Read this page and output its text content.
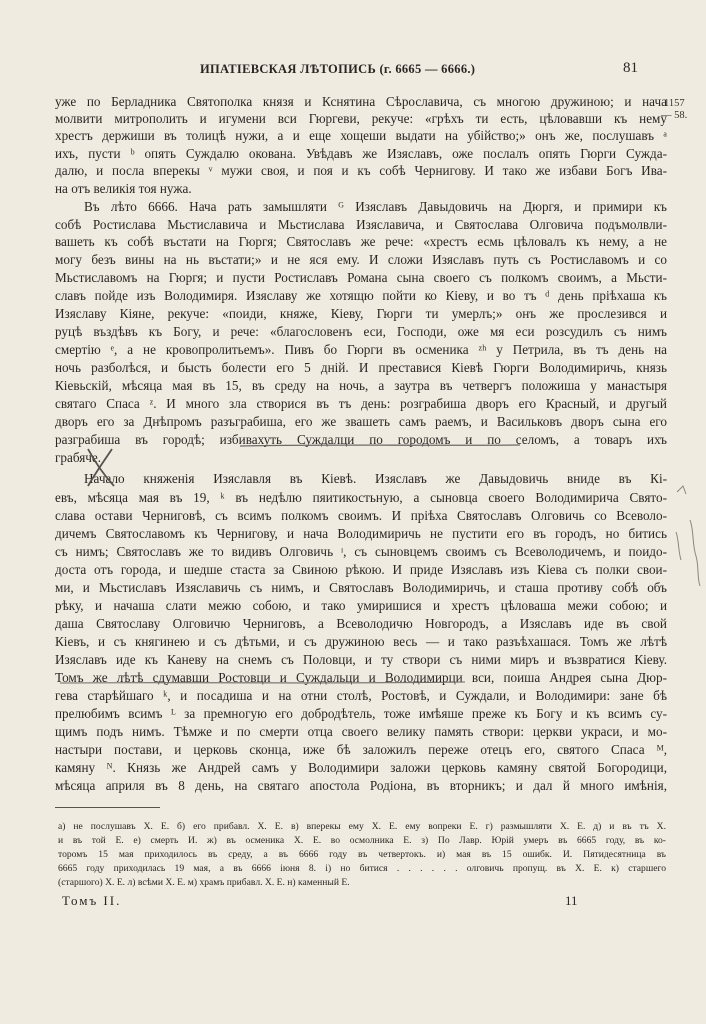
ИПАТІЕВСКАЯ ЛѢТОПИСЬ (г. 6665 — 6666.)	81
1157
— 58.
уже по Берладника Святополка князя и Кснятина Сѣрославича, съ многою дружиною; и нача
молвити митрополить и игумени вси Гюргеви, рекуче: «грѣхъ ти есть, цѣловавши къ нему
хрестъ держиши въ толицѣ нужи, а и еще хощеши выдати на убійство;» онъ же, послушавъ ᵃ
ихъ, пусти ᵇ опять Суждалю окована. Увѣдавъ же Изяславъ, оже послалъ опять Гюрги Сужда-
далю, и посла вперекы ᵛ мужи своя, и поя и къ собѣ Чернигову. И тако же избави Богъ Ива-
на отъ великія тоя нужа.
Въ лѣто 6666. Нача рать замышляти ᴳ Изяславъ Давыдовичь на Дюргя, и примири къ
собѣ Ростислава Мьстиславича и Мьстислава Изяславича, и Святослава Олговича подъмолвли-
вашеть къ собѣ въстати на Гюргя; Святославъ же рече: «хрестъ есмь цѣловалъ къ нему, а не
могу безъ вины на нь въстати;» и не яся ему. И сложи Изяславъ путь съ Ростиславомъ и со
Мьстиславомъ на Гюргя; и пусти Ростиславъ Романа сына своего съ полкомъ своимъ, а Мьсти-
славъ пойде изъ Володимиря. Изяславу же хотящю пойти ко Кіеву, и во тъ ᵈ день пріѣхаша къ
Изяславу Кіяне, рекуче: «поиди, княже, Кіеву, Гюрги ти умерлъ;» онъ же прослезився и
руцѣ въздѣвъ къ Богу, и рече: «благословенъ еси, Господи, оже мя еси розсудилъ съ нимъ
смертію ᵉ, а не кровопролитьемъ». Пивъ бо Гюрги въ осменика ᶻʰ у Петрила, въ тъ день на
ночь разболѣся, и бысть болести его 5 дній. И преставися Кіевѣ Гюрги Володимиричь, князь
Кіевьскій, мѣсяца мая въ 15, въ среду на ночь, а заутра въ четвергъ положиша у манастыря
святаго Спаса ᶻ. И много зла створися въ тъ день: розграбиша дворъ его Красный, и другый
дворъ его за Днѣпромъ разъграбиша, его же звашеть самъ раемъ, и Васильковъ дворъ сына его
разграбиша въ городѣ; избивахуть Суждалци по городомъ и по селомъ, а товаръ ихъ
грабяче.
Начало княженія Изяславля въ Кіевѣ. Изяславъ же Давыдовичь вниде въ Кі-
евъ, мѣсяца мая въ 19, ᵏ въ недѣлю пяитикостьную, а сыновца своего Володимирича Свято-
слава остави Черниговѣ, съ всимъ полкомъ своимъ. И пріѣха Святославъ Олговичь со Всеволо-
дичемъ Святославомъ къ Чернигову, и нача Володимиричь не пустити его въ городъ, но битись
съ нимъ; Святославъ же то видивъ Олговичь ᶦ, съ сыновцемъ своимъ съ Всеволодичемъ, и поидо-
доста отъ города, и шедше стаста за Свиною рѣкою. И приде Изяславъ изъ Кіева съ полки свои-
ми, и Мьстиславъ Изяславичь съ нимъ, и Святославъ Володимиричь, и сташа противу собѣ объ
рѣку, и начаша слати межю собою, и тако умиришися и хрестъ цѣловаша межи собою; и
даша Святославу Олговичю Черниговъ, а Всеволодичю Новгородъ, а Изяславъ иде въ свой
Кіевъ, и съ княгинею и съ дѣтьми, и съ дружиною весь — и тако разъѣхашася. Томъ же лѣтѣ
Изяславъ иде къ Каневу на снемъ съ Половци, и ту створи съ ними миръ и възвратися Кіеву.
Томъ же лѣтѣ сдумавши Ростовци и Суждальци и Володимирци вси, поиша Андрея сына Дюр-
гева старѣйшаго ᵏ, и посадиша и на отни столѣ, Ростовѣ, и Суждали, и Володимири: зане бѣ
прелюбимъ всимъ ᴸ за премногую его добродѣтель, тоже имѣяше преже къ Богу и къ всимъ су-
щимъ подъ нимъ. Тѣмже и по смерти отца своего велику память створи: церкви украси, и мо-
настыри постави, и церковь сконца, иже бѣ заложилъ переже отецъ его, святого Спаса ᴹ,
камяну ᴺ. Князь же Андрей самъ у Володимири заложи церковь камяну святой Богородици,
мѣсяца априля въ 8 день, на святаго апостола Родіона, въ вторникъ; и дал й много имѣнія,
а) не послушавъ Х. Е. б) его прибавл. Х. Е. в) вперекы ему Х. Е. ему вопреки Е. г) размышляти Х. Е. д) и въ тъ Х.
и въ той Е. е) смерть И. ж) въ осменика Х. Е. во осмолника Е. з) По Лавр. Юрій умеръ въ 6665 году, въ ко-
торомъ 15 мая приходилось въ среду, а въ 6666 году въ четвертокъ. и) мая въ 15 ошибк. И. Пятидесятница въ
6665 году приходилась 19 мая, а въ 6666 іюня 8. і) но битися . . . . . . олговичь пропущ. въ Х. Е. к) старшего
(старшого) Х. Е. л) всѣми Х. Е. м) храмъ прибавл. Х. Е. н) каменный Е.
Томъ II.	11
